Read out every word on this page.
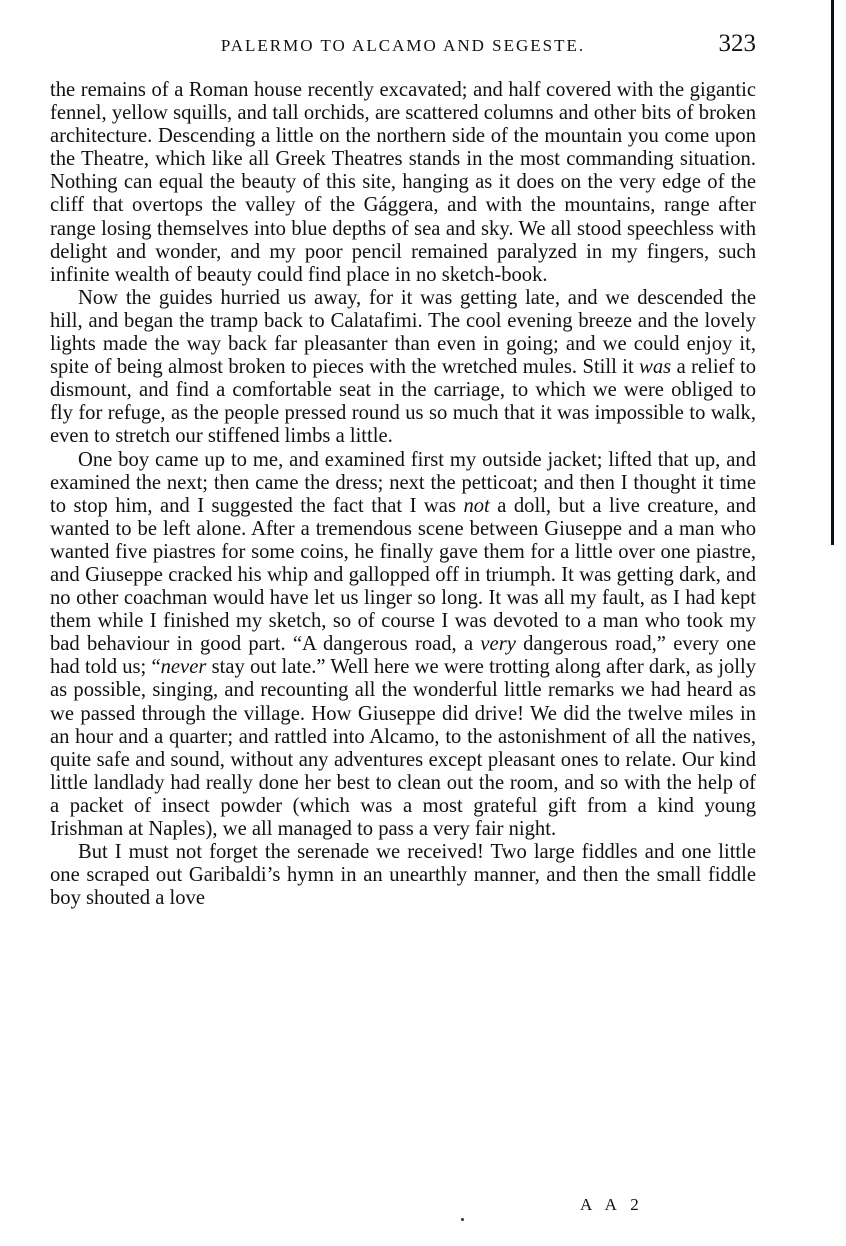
PALERMO TO ALCAMO AND SEGESTE.	323

the remains of a Roman house recently excavated; and half covered with the gigantic fennel, yellow squills, and tall orchids, are scattered columns and other bits of broken architecture. Descending a little on the northern side of the mountain you come upon the Theatre, which like all Greek Theatres stands in the most commanding situation. Nothing can equal the beauty of this site, hanging as it does on the very edge of the cliff that overtops the valley of the Gággera, and with the mountains, range after range losing themselves into blue depths of sea and sky. We all stood speechless with delight and wonder, and my poor pencil remained paralyzed in my fingers, such infinite wealth of beauty could find place in no sketch-book.

Now the guides hurried us away, for it was getting late, and we descended the hill, and began the tramp back to Calatafimi. The cool evening breeze and the lovely lights made the way back far pleasanter than even in going; and we could enjoy it, spite of being almost broken to pieces with the wretched mules. Still it was a relief to dismount, and find a comfortable seat in the carriage, to which we were obliged to fly for refuge, as the people pressed round us so much that it was impossible to walk, even to stretch our stiffened limbs a little.

One boy came up to me, and examined first my outside jacket; lifted that up, and examined the next; then came the dress; next the petticoat; and then I thought it time to stop him, and I suggested the fact that I was not a doll, but a live creature, and wanted to be left alone. After a tremendous scene between Giuseppe and a man who wanted five piastres for some coins, he finally gave them for a little over one piastre, and Giuseppe cracked his whip and gallopped off in triumph. It was getting dark, and no other coachman would have let us linger so long. It was all my fault, as I had kept them while I finished my sketch, so of course I was devoted to a man who took my bad behaviour in good part. “A dangerous road, a very dangerous road,” every one had told us; “never stay out late.” Well here we were trotting along after dark, as jolly as possible, singing, and recounting all the wonderful little remarks we had heard as we passed through the village. How Giuseppe did drive! We did the twelve miles in an hour and a quarter; and rattled into Alcamo, to the astonishment of all the natives, quite safe and sound, without any adventures except pleasant ones to relate. Our kind little landlady had really done her best to clean out the room, and so with the help of a packet of insect powder (which was a most grateful gift from a kind young Irishman at Naples), we all managed to pass a very fair night.

But I must not forget the serenade we received! Two large fiddles and one little one scraped out Garibaldi’s hymn in an unearthly manner, and then the small fiddle boy shouted a love

A A 2
